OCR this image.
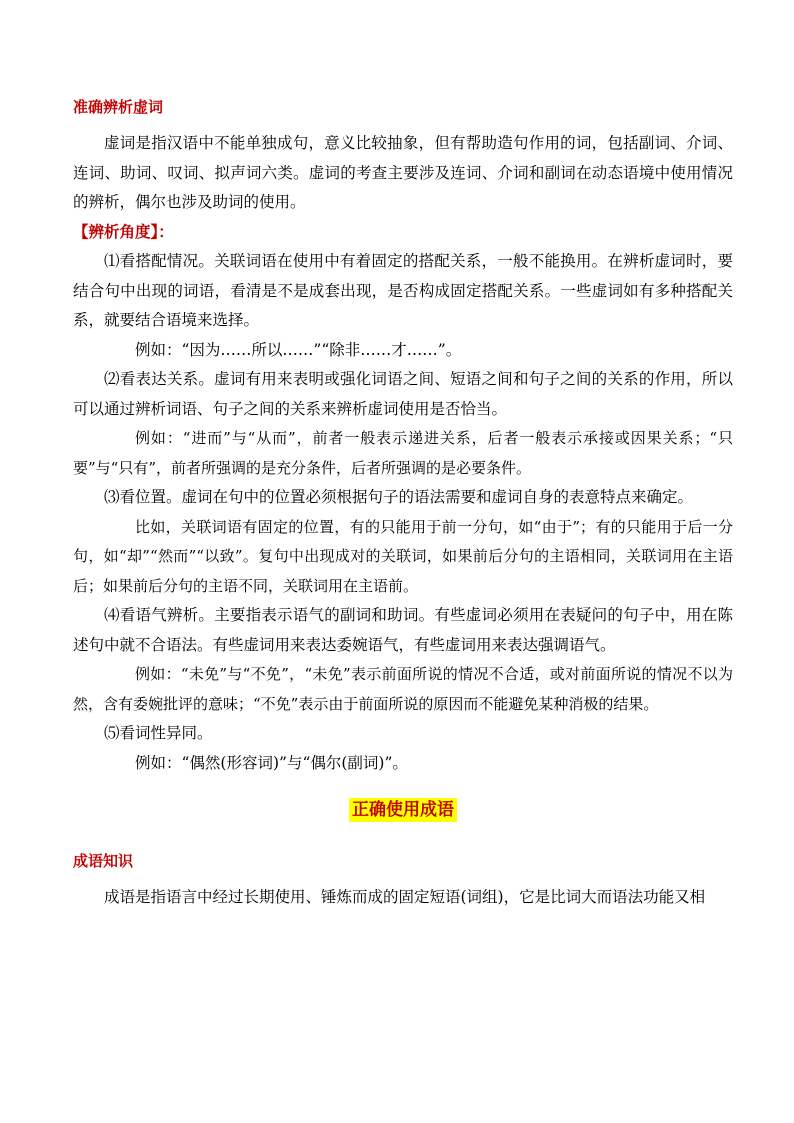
准确辨析虚词

虚词是指汉语中不能单独成句，意义比较抽象，但有帮助造句作用的词，包括副词、介词、连词、助词、叹词、拟声词六类。虚词的考查主要涉及连词、介词和副词在动态语境中使用情况的辨析，偶尔也涉及助词的使用。

【辨析角度】：

⑴看搭配情况。关联词语在使用中有着固定的搭配关系，一般不能换用。在辨析虚词时，要结合句中出现的词语，看清是不是成套出现，是否构成固定搭配关系。一些虚词如有多种搭配关系，就要结合语境来选择。

例如：“因为……所以……”“除非……才……”。

⑵看表达关系。虚词有用来表明或强化词语之间、短语之间和句子之间的关系的作用，所以可以通过辨析词语、句子之间的关系来辨析虚词使用是否恰当。

例如：“进而”与“从而”，前者一般表示递进关系，后者一般表示承接或因果关系；“只要”与“只有”，前者所强调的是充分条件，后者所强调的是必要条件。

⑶看位置。虚词在句中的位置必须根据句子的语法需要和虚词自身的表意特点来确定。

比如，关联词语有固定的位置，有的只能用于前一分句，如“由于”；有的只能用于后一分句，如“却”“然而”“以致”。复句中出现成对的关联词，如果前后分句的主语相同，关联词用在主语后；如果前后分句的主语不同，关联词用在主语前。

⑷看语气辨析。主要指表示语气的副词和助词。有些虚词必须用在表疑问的句子中，用在陈述句中就不合语法。有些虚词用来表达委婉语气，有些虚词用来表达强调语气。

例如：“未免”与“不免”，“未免”表示前面所说的情况不合适，或对前面所说的情况不以为然，含有委婉批评的意味；“不免”表示由于前面所说的原因而不能避免某种消极的结果。

⑸看词性异同。

例如：“偶然(形容词)”与“偶尔(副词)”。

正确使用成语
成语知识

成语是指语言中经过长期使用、锤炼而成的固定短语(词组)，它是比词大而语法功能又相
